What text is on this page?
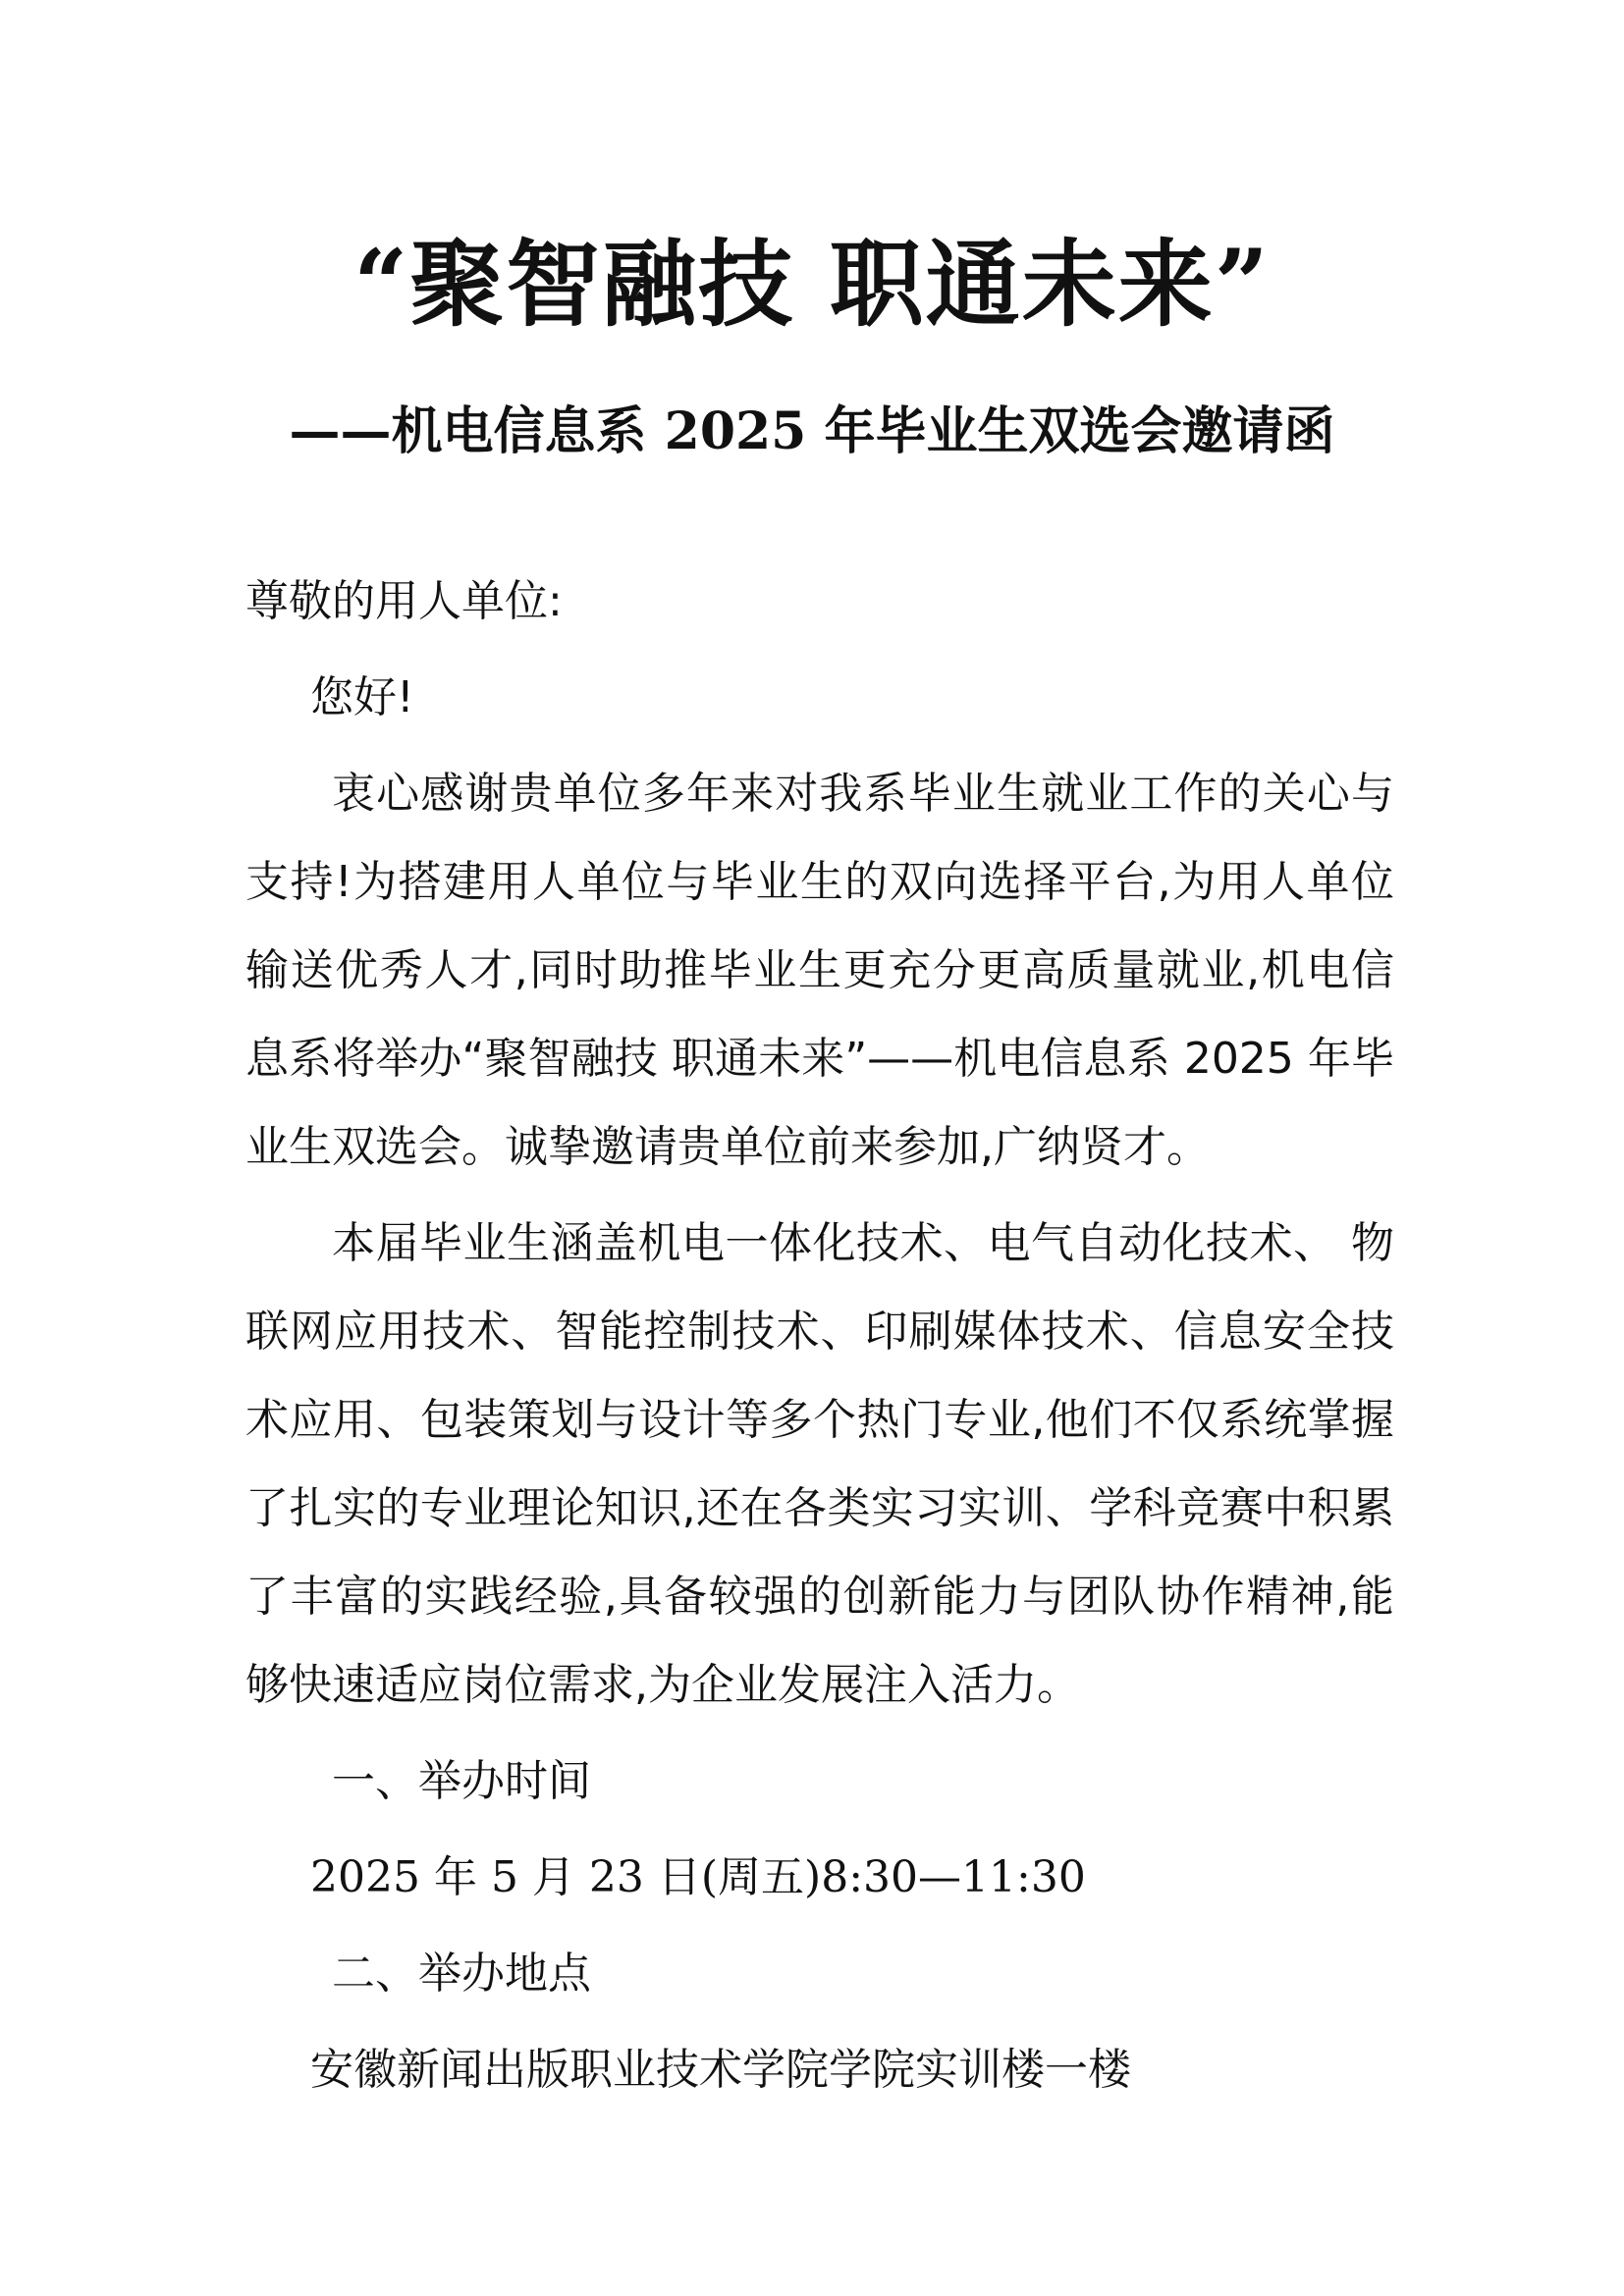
“聚智融技 职通未来”
——机电信息系 2025 年毕业生双选会邀请函

尊敬的用人单位:

您好!

衷心感谢贵单位多年来对我系毕业生就业工作的关心与支持!为搭建用人单位与毕业生的双向选择平台,为用人单位输送优秀人才,同时助推毕业生更充分更高质量就业,机电信息系将举办“聚智融技 职通未来”——机电信息系 2025 年毕业生双选会。诚挚邀请贵单位前来参加,广纳贤才。

本届毕业生涵盖机电一体化技术、电气自动化技术、 物联网应用技术、智能控制技术、印刷媒体技术、信息安全技术应用、包装策划与设计等多个热门专业,他们不仅系统掌握了扎实的专业理论知识,还在各类实习实训、学科竞赛中积累了丰富的实践经验,具备较强的创新能力与团队协作精神,能够快速适应岗位需求,为企业发展注入活力。

一、举办时间

2025 年 5 月 23 日(周五)8:30—11:30

二、举办地点

安徽新闻出版职业技术学院学院实训楼一楼
